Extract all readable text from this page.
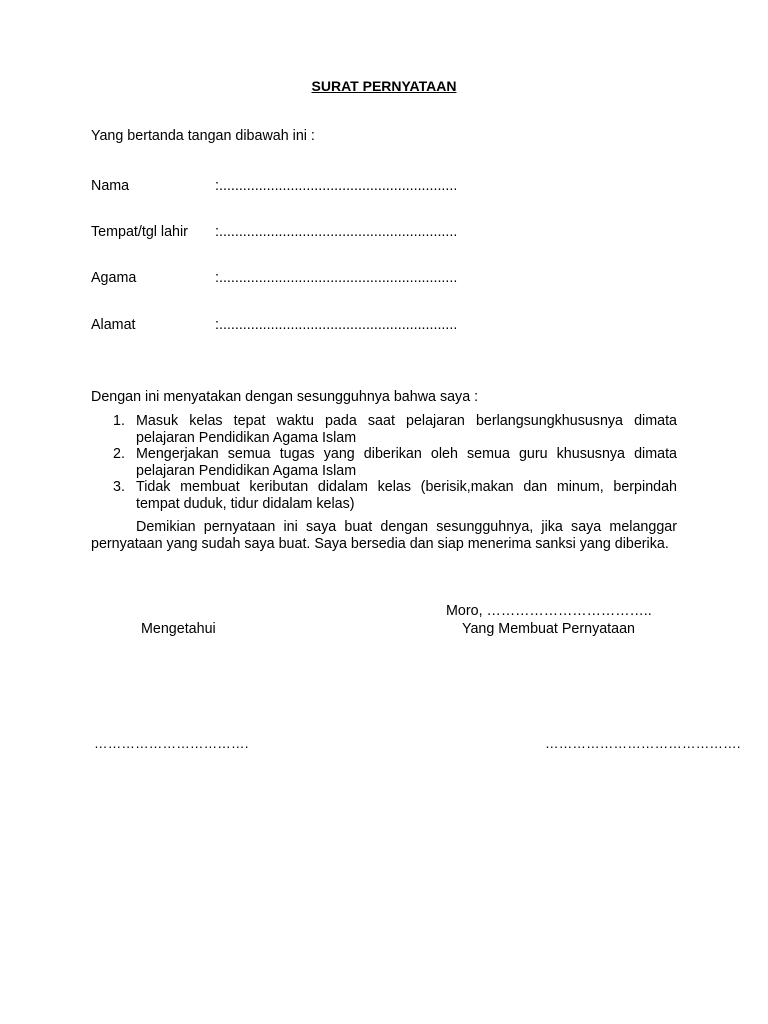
SURAT PERNYATAAN
Yang bertanda tangan dibawah ini :
Nama	:............................................................
Tempat/tgl lahir :............................................................
Agama	:............................................................
Alamat	:............................................................
Dengan ini menyatakan dengan sesungguhnya bahwa saya :
1. Masuk kelas tepat waktu pada saat pelajaran berlangsungkhususnya dimata pelajaran Pendidikan Agama Islam
2. Mengerjakan semua tugas yang diberikan oleh semua guru khususnya dimata pelajaran Pendidikan Agama Islam
3. Tidak membuat keributan didalam kelas (berisik,makan dan minum, berpindah tempat duduk, tidur didalam kelas)
Demikian pernyataan ini saya buat dengan sesungguhnya, jika saya melanggar pernyataan yang sudah saya buat. Saya bersedia dan siap menerima sanksi yang diberika.
Moro, ……………………………..
Mengetahui	Yang Membuat Pernyataan
…………………………….	…………………………………….
